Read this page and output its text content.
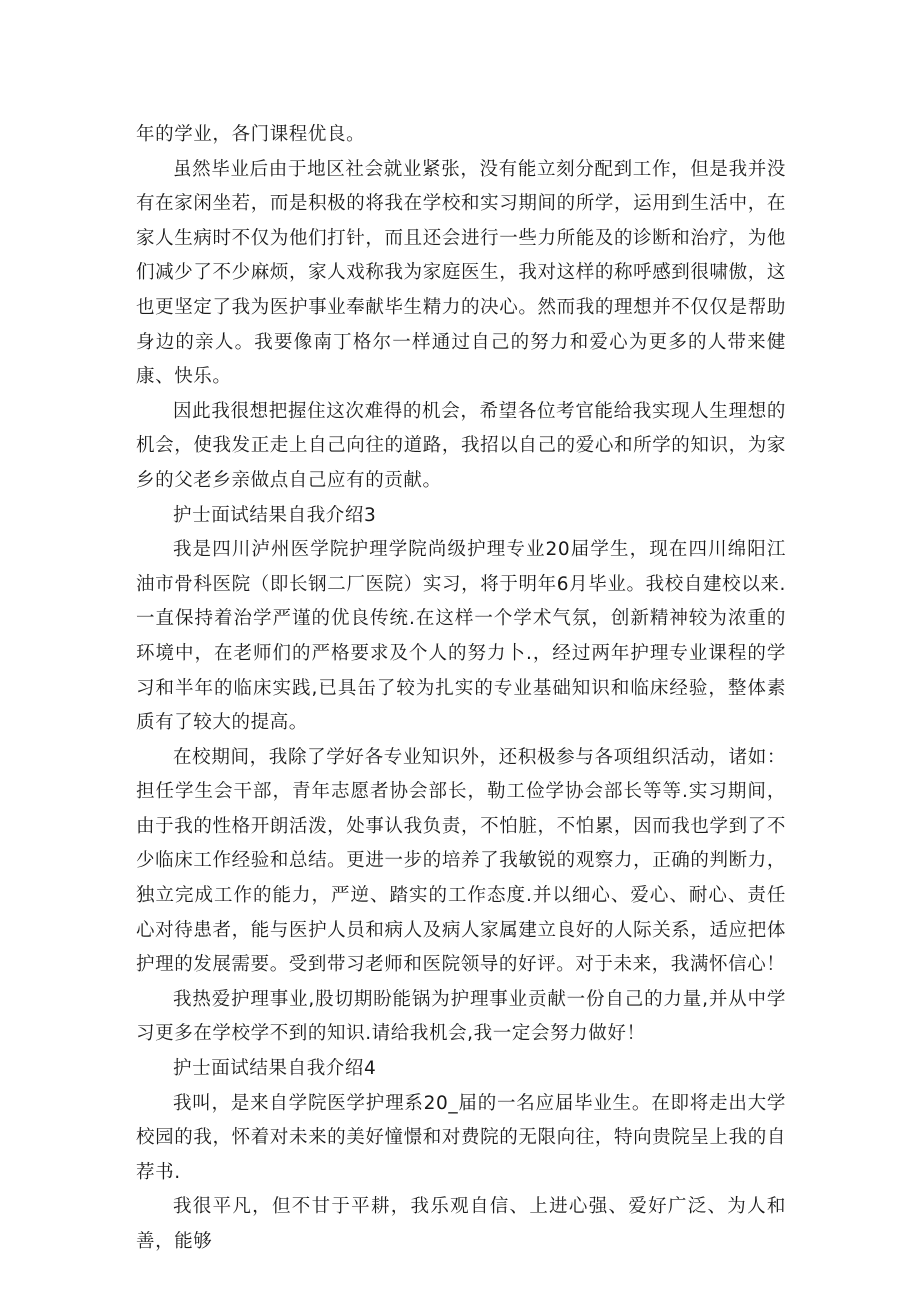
年的学业，各门课程优良。

虽然毕业后由于地区社会就业紧张，没有能立刻分配到工作，但是我并没有在家闲坐若，而是积极的将我在学校和实习期间的所学，运用到生活中，在家人生病时不仅为他们打针，而且还会进行一些力所能及的诊断和治疗，为他们减少了不少麻烦，家人戏称我为家庭医生，我对这样的称呼感到很啸傲，这也更坚定了我为医护事业奉献毕生精力的决心。然而我的理想并不仅仅是帮助身边的亲人。我要像南丁格尔一样通过自己的努力和爱心为更多的人带来健康、快乐。

因此我很想把握住这次难得的机会，希望各位考官能给我实现人生理想的机会，使我发正走上自己向往的道路，我招以自己的爱心和所学的知识，为家乡的父老乡亲做点自己应有的贡献。

护士面试结果自我介绍3

我是四川泸州医学院护理学院尚级护理专业20届学生，现在四川绵阳江油市骨科医院（即长钢二厂医院）实习，将于明年6月毕业。我校自建校以来.一直保持着治学严谨的优良传统.在这样一个学术气氛，创新精神较为浓重的环境中，在老师们的严格要求及个人的努力卜.，经过两年护理专业课程的学习和半年的临床实践,已具缶了较为扎实的专业基础知识和临床经验，整体素质有了较大的提高。

在校期间，我除了学好各专业知识外，还积极参与各项组织活动，诸如：担任学生会干部，青年志愿者协会部长，勒工俭学协会部长等等.实习期间，由于我的性格开朗活泼，处事认我负责，不怕脏，不怕累，因而我也学到了不少临床工作经验和总结。更进一步的培养了我敏锐的观察力，正确的判断力，独立完成工作的能力，严逆、踏实的工作态度.并以细心、爱心、耐心、责任心对待患者，能与医护人员和病人及病人家属建立良好的人际关系，适应把体护理的发展需要。受到带习老师和医院领导的好评。对于未来，我满怀信心！

我热爱护理事业,股切期盼能锅为护理事业贡献一份自己的力量,并从中学习更多在学校学不到的知识.请给我机会,我一定会努力做好！

护士面试结果自我介绍4

我叫，是来自学院医学护理系20_届的一名应届毕业生。在即将走出大学校园的我，怀着对未来的美好憧憬和对费院的无限向往，特向贵院呈上我的自荐书.

我很平凡，但不甘于平耕，我乐观自信、上进心强、爱好广泛、为人和善，能够
